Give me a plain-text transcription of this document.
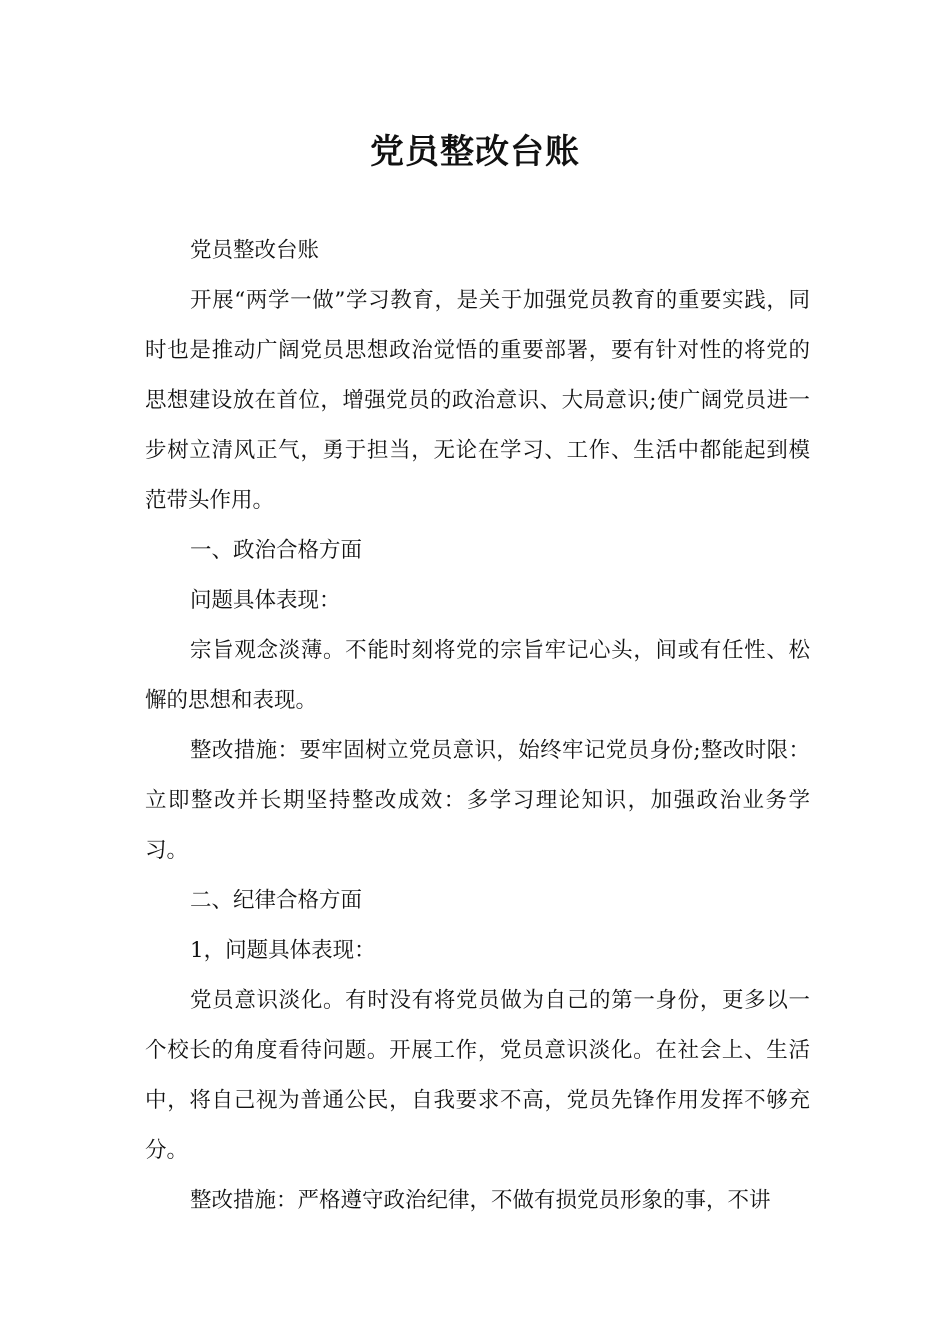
党员整改台账

党员整改台账

开展“两学一做”学习教育，是关于加强党员教育的重要实践，同时也是推动广阔党员思想政治觉悟的重要部署，要有针对性的将党的思想建设放在首位，增强党员的政治意识、大局意识;使广阔党员进一步树立清风正气，勇于担当，无论在学习、工作、生活中都能起到模范带头作用。

一、政治合格方面

问题具体表现：

宗旨观念淡薄。不能时刻将党的宗旨牢记心头，间或有任性、松懈的思想和表现。

整改措施：要牢固树立党员意识，始终牢记党员身份;整改时限：立即整改并长期坚持整改成效：多学习理论知识，加强政治业务学习。

二、纪律合格方面

1，问题具体表现：

党员意识淡化。有时没有将党员做为自己的第一身份，更多以一个校长的角度看待问题。开展工作，党员意识淡化。在社会上、生活中，将自己视为普通公民，自我要求不高，党员先锋作用发挥不够充分。

整改措施：严格遵守政治纪律，不做有损党员形象的事，不讲
